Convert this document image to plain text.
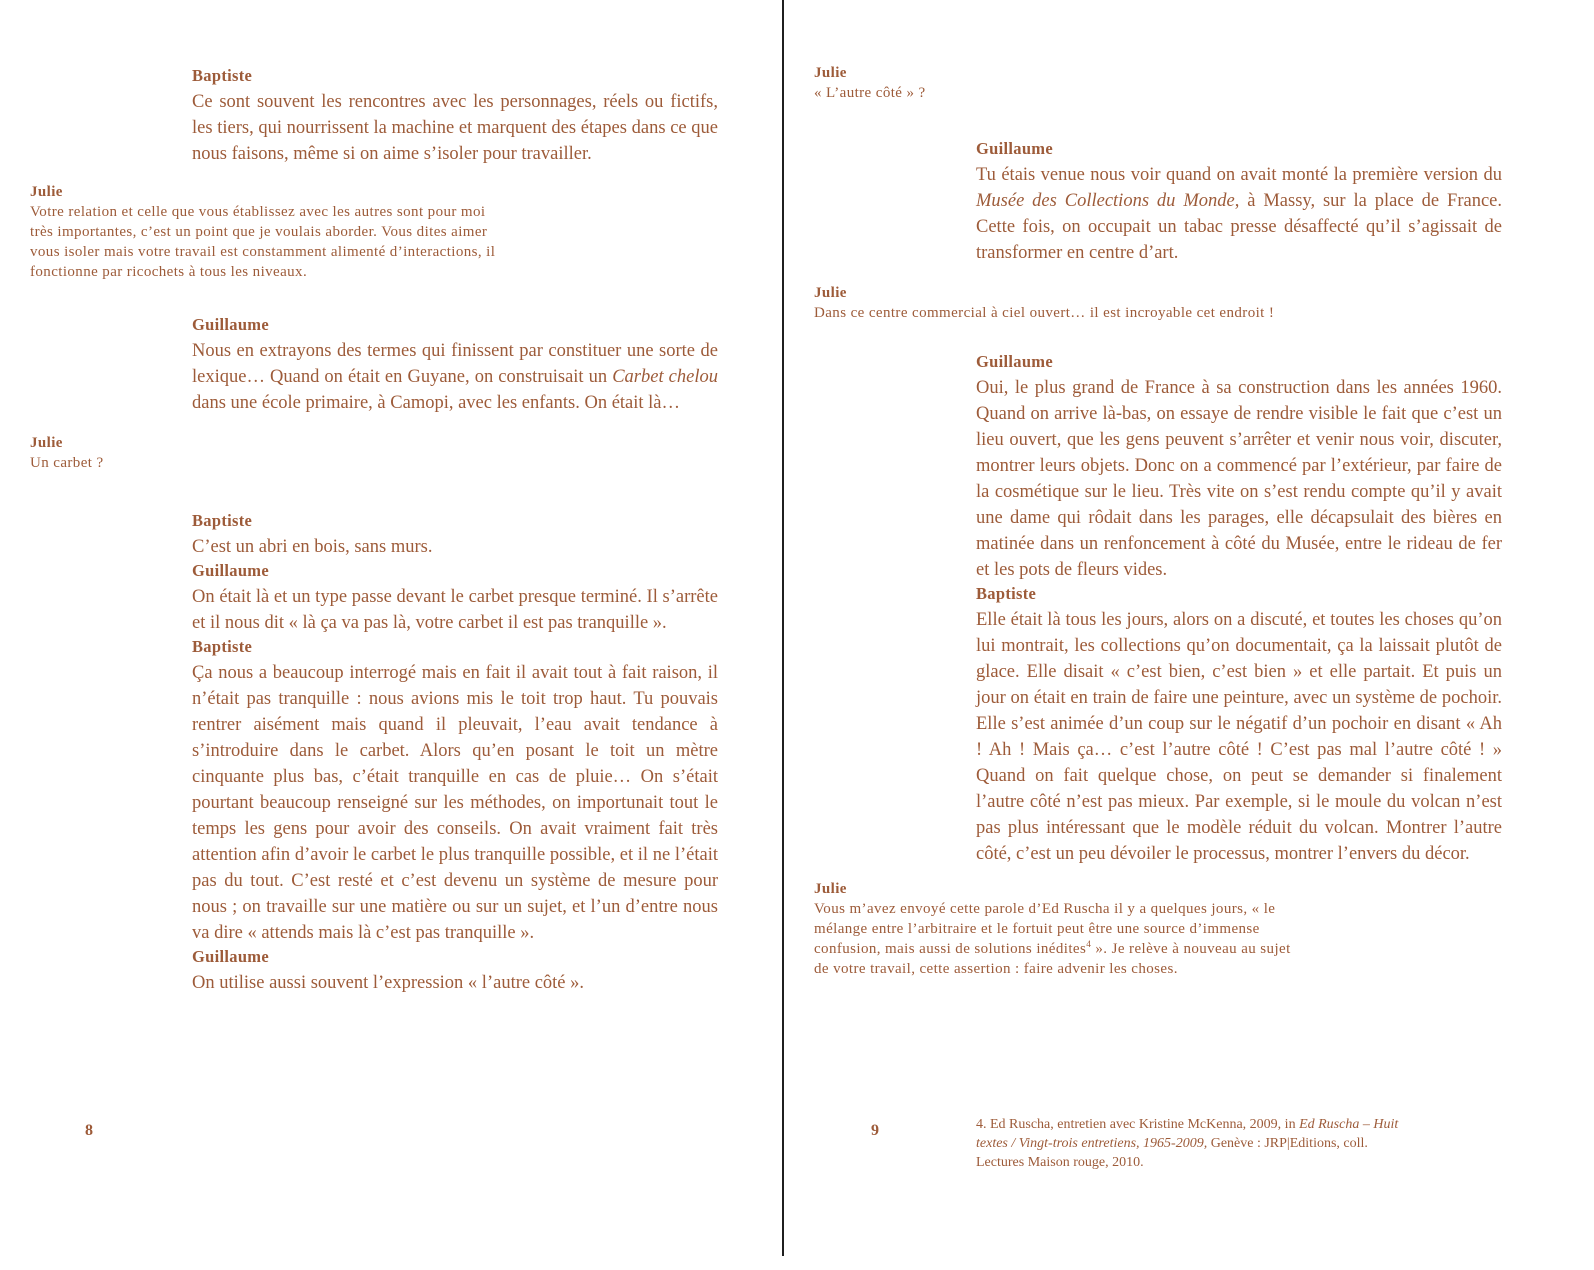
Baptiste
Ce sont souvent les rencontres avec les personnages, réels ou fictifs, les tiers, qui nourrissent la machine et marquent des étapes dans ce que nous faisons, même si on aime s’isoler pour travailler.
Julie
Votre relation et celle que vous établissez avec les autres sont pour moi très importantes, c’est un point que je voulais aborder. Vous dites aimer vous isoler mais votre travail est constamment alimenté d’interactions, il fonctionne par ricochets à tous les niveaux.
Guillaume
Nous en extrayons des termes qui finissent par constituer une sorte de lexique… Quand on était en Guyane, on construisait un Carbet chelou dans une école primaire, à Camopi, avec les enfants. On était là…
Julie
Un carbet ?
Baptiste
C’est un abri en bois, sans murs.
Guillaume
On était là et un type passe devant le carbet presque terminé. Il s’arrête et il nous dit « là ça va pas là, votre carbet il est pas tranquille ».
Baptiste
Ça nous a beaucoup interrogé mais en fait il avait tout à fait raison, il n’était pas tranquille : nous avions mis le toit trop haut. Tu pouvais rentrer aisément mais quand il pleuvait, l’eau avait tendance à s’introduire dans le carbet. Alors qu’en posant le toit un mètre cinquante plus bas, c’était tranquille en cas de pluie… On s’était pourtant beaucoup renseigné sur les méthodes, on importunait tout le temps les gens pour avoir des conseils. On avait vraiment fait très attention afin d’avoir le carbet le plus tranquille possible, et il ne l’était pas du tout. C’est resté et c’est devenu un système de mesure pour nous ; on travaille sur une matière ou sur un sujet, et l’un d’entre nous va dire « attends mais là c’est pas tranquille ».
Guillaume
On utilise aussi souvent l’expression « l’autre côté ».
8
Julie
« L’autre côté » ?
Guillaume
Tu étais venue nous voir quand on avait monté la première version du Musée des Collections du Monde, à Massy, sur la place de France. Cette fois, on occupait un tabac presse désaffecté qu’il s’agissait de transformer en centre d’art.
Julie
Dans ce centre commercial à ciel ouvert… il est incroyable cet endroit !
Guillaume
Oui, le plus grand de France à sa construction dans les années 1960. Quand on arrive là-bas, on essaye de rendre visible le fait que c’est un lieu ouvert, que les gens peuvent s’arrêter et venir nous voir, discuter, montrer leurs objets. Donc on a commencé par l’extérieur, par faire de la cosmétique sur le lieu. Très vite on s’est rendu compte qu’il y avait une dame qui rôdait dans les parages, elle décapsulait des bières en matinée dans un renfoncement à côté du Musée, entre le rideau de fer et les pots de fleurs vides.
Baptiste
Elle était là tous les jours, alors on a discuté, et toutes les choses qu’on lui montrait, les collections qu’on documentait, ça la laissait plutôt de glace. Elle disait « c’est bien, c’est bien » et elle partait. Et puis un jour on était en train de faire une peinture, avec un système de pochoir. Elle s’est animée d’un coup sur le négatif d’un pochoir en disant « Ah ! Ah ! Mais ça… c’est l’autre côté ! C’est pas mal l’autre côté ! » Quand on fait quelque chose, on peut se demander si finalement l’autre côté n’est pas mieux. Par exemple, si le moule du volcan n’est pas plus intéressant que le modèle réduit du volcan. Montrer l’autre côté, c’est un peu dévoiler le processus, montrer l’envers du décor.
Julie
Vous m’avez envoyé cette parole d’Ed Ruscha il y a quelques jours, « le mélange entre l’arbitraire et le fortuit peut être une source d’immense confusion, mais aussi de solutions inédites$^4$ ». Je relève à nouveau au sujet de votre travail, cette assertion : faire advenir les choses.
4. Ed Ruscha, entretien avec Kristine McKenna, 2009, in Ed Ruscha – Huit textes / Vingt-trois entretiens, 1965-2009, Genève : JRP|Editions, coll. Lectures Maison rouge, 2010.
9
